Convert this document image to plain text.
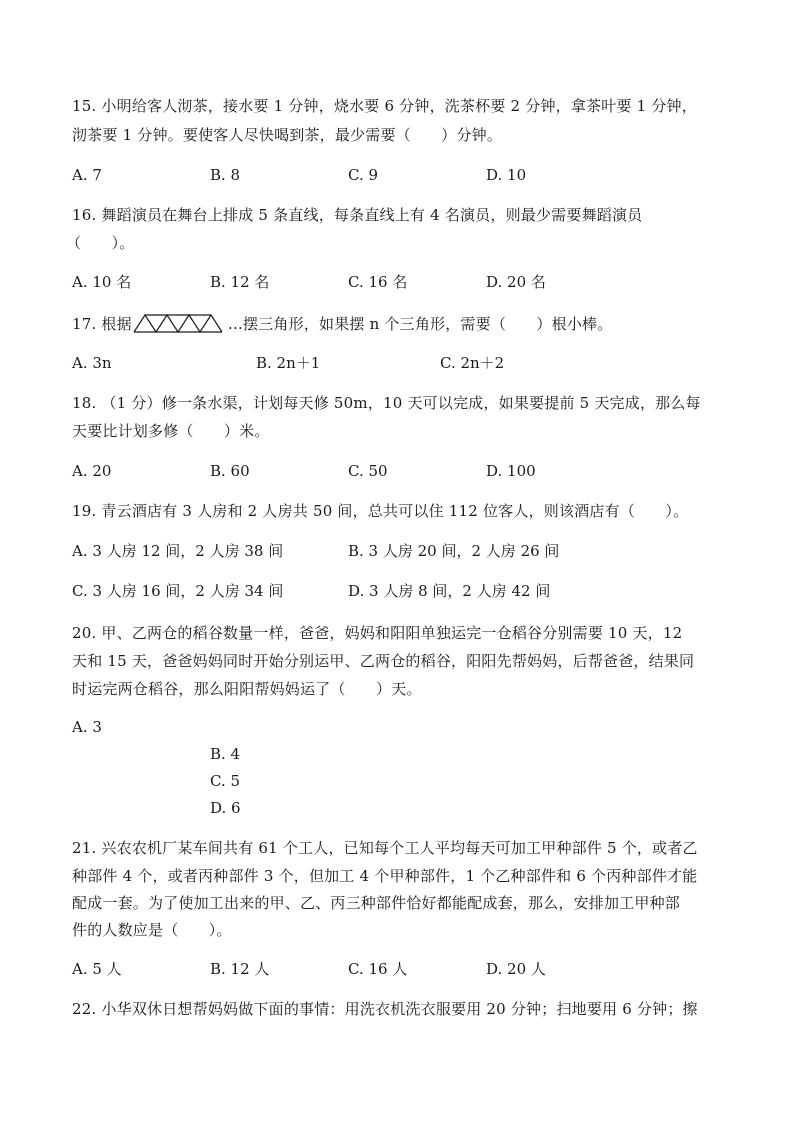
15. 小明给客人沏茶，接水要 1 分钟，烧水要 6 分钟，洗茶杯要 2 分钟，拿茶叶要 1 分钟，
沏茶要 1 分钟。要使客人尽快喝到茶，最少需要（　　）分钟。
A. 7	B. 8	C. 9	D. 10
16. 舞蹈演员在舞台上排成 5 条直线，每条直线上有 4 名演员，则最少需要舞蹈演员
（　　）。
A. 10 名	B. 12 名	C. 16 名	D. 20 名
17. 根据	…摆三角形，如果摆 n 个三角形，需要（　　）根小棒。
A. 3n	B. 2n＋1	C. 2n＋2
18. （1 分）修一条水渠，计划每天修 50m，10 天可以完成，如果要提前 5 天完成，那么每
天要比计划多修（　　）米。
A. 20	B. 60	C. 50	D. 100
19. 青云酒店有 3 人房和 2 人房共 50 间，总共可以住 112 位客人，则该酒店有（　　）。
A. 3 人房 12 间，2 人房 38 间	B. 3 人房 20 间，2 人房 26 间
C. 3 人房 16 间，2 人房 34 间	D. 3 人房 8 间，2 人房 42 间
20. 甲、乙两仓的稻谷数量一样，爸爸，妈妈和阳阳单独运完一仓稻谷分别需要 10 天，12
天和 15 天，爸爸妈妈同时开始分别运甲、乙两仓的稻谷，阳阳先帮妈妈，后帮爸爸，结果同
时运完两仓稻谷，那么阳阳帮妈妈运了（　　）天。
A. 3
B. 4
C. 5
D. 6
21. 兴农农机厂某车间共有 61 个工人，已知每个工人平均每天可加工甲种部件 5 个，或者乙
种部件 4 个，或者丙种部件 3 个，但加工 4 个甲种部件，1 个乙种部件和 6 个丙种部件才能
配成一套。为了使加工出来的甲、乙、丙三种部件恰好都能配成套，那么，安排加工甲种部
件的人数应是（　　）。
A. 5 人	B. 12 人	C. 16 人	D. 20 人
22. 小华双休日想帮妈妈做下面的事情：用洗衣机洗衣服要用 20 分钟；扫地要用 6 分钟；擦
